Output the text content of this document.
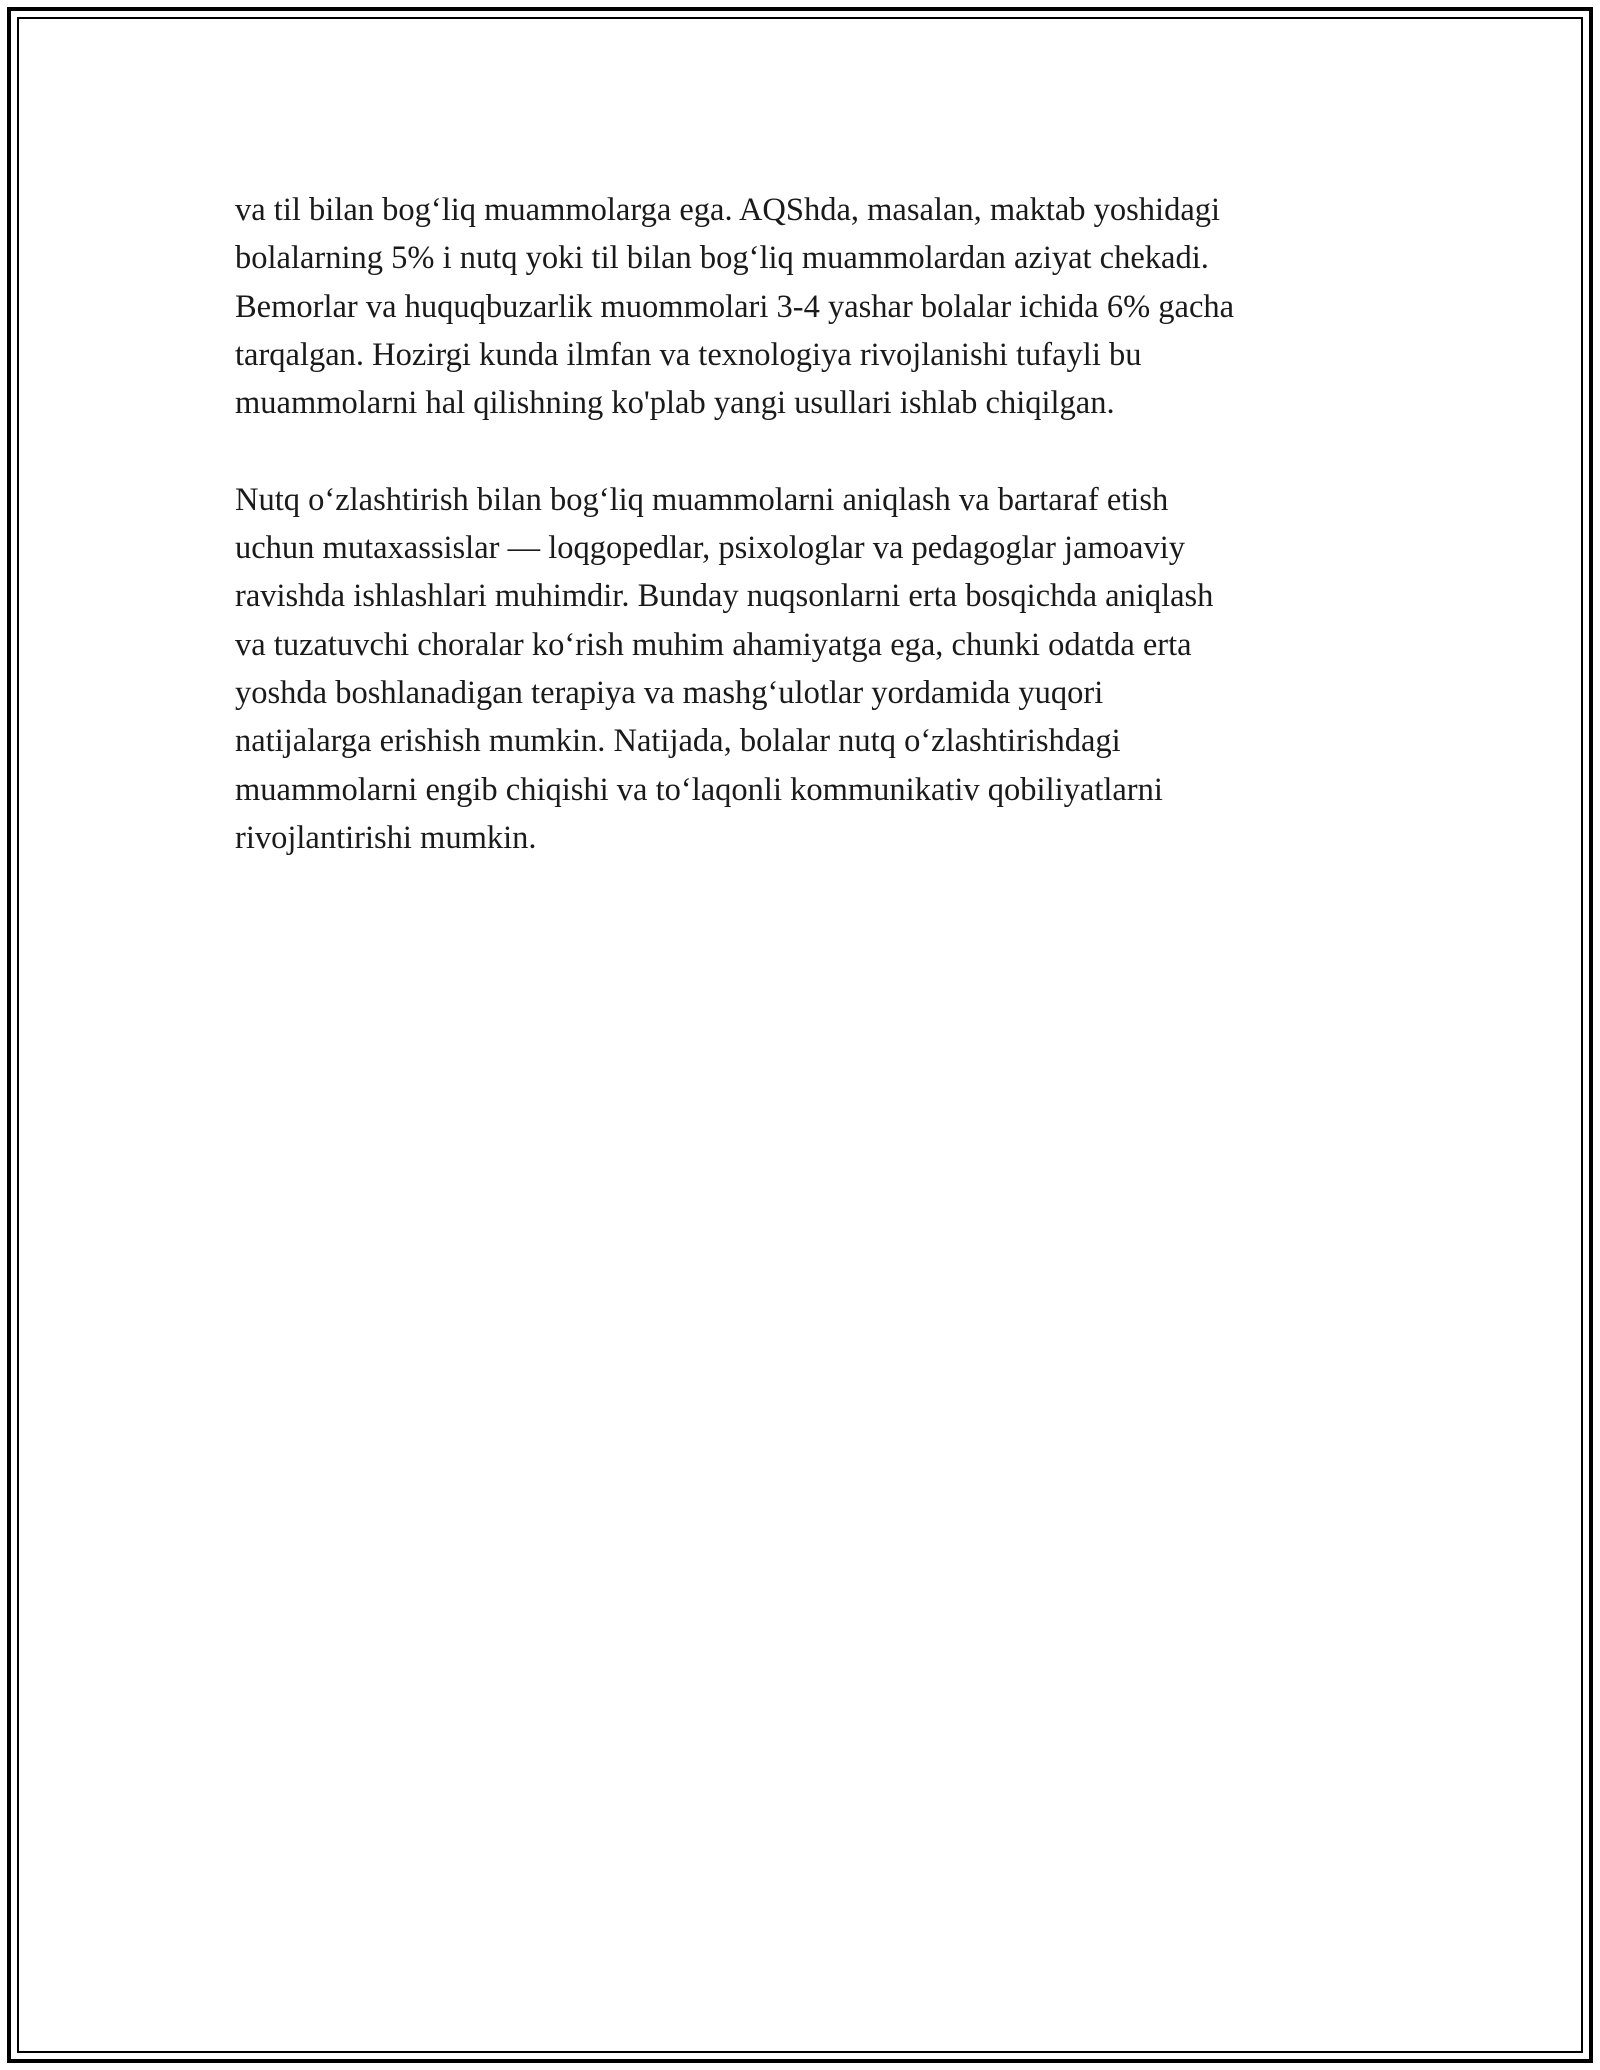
va til bilan bog‘liq muammolarga ega. AQShda, masalan, maktab yoshidagi
bolalarning 5% i nutq yoki til bilan bog‘liq muammolardan aziyat chekadi.
Bemorlar va huquqbuzarlik muommolari 3-4 yashar bolalar ichida 6% gacha
tarqalgan. Hozirgi kunda ilmfan va texnologiya rivojlanishi tufayli bu
muammolarni hal qilishning ko'plab yangi usullari ishlab chiqilgan.

Nutq o‘zlashtirish bilan bog‘liq muammolarni aniqlash va bartaraf etish
uchun mutaxassislar — loqgopedlar, psixologlar va pedagoglar jamoaviy
ravishda ishlashlari muhimdir. Bunday nuqsonlarni erta bosqichda aniqlash
va tuzatuvchi choralar ko‘rish muhim ahamiyatga ega, chunki odatda erta
yoshda boshlanadigan terapiya va mashg‘ulotlar yordamida yuqori
natijalarga erishish mumkin. Natijada, bolalar nutq o‘zlashtirishdagi
muammolarni engib chiqishi va to‘laqonli kommunikativ qobiliyatlarni
rivojlantirishi mumkin.
